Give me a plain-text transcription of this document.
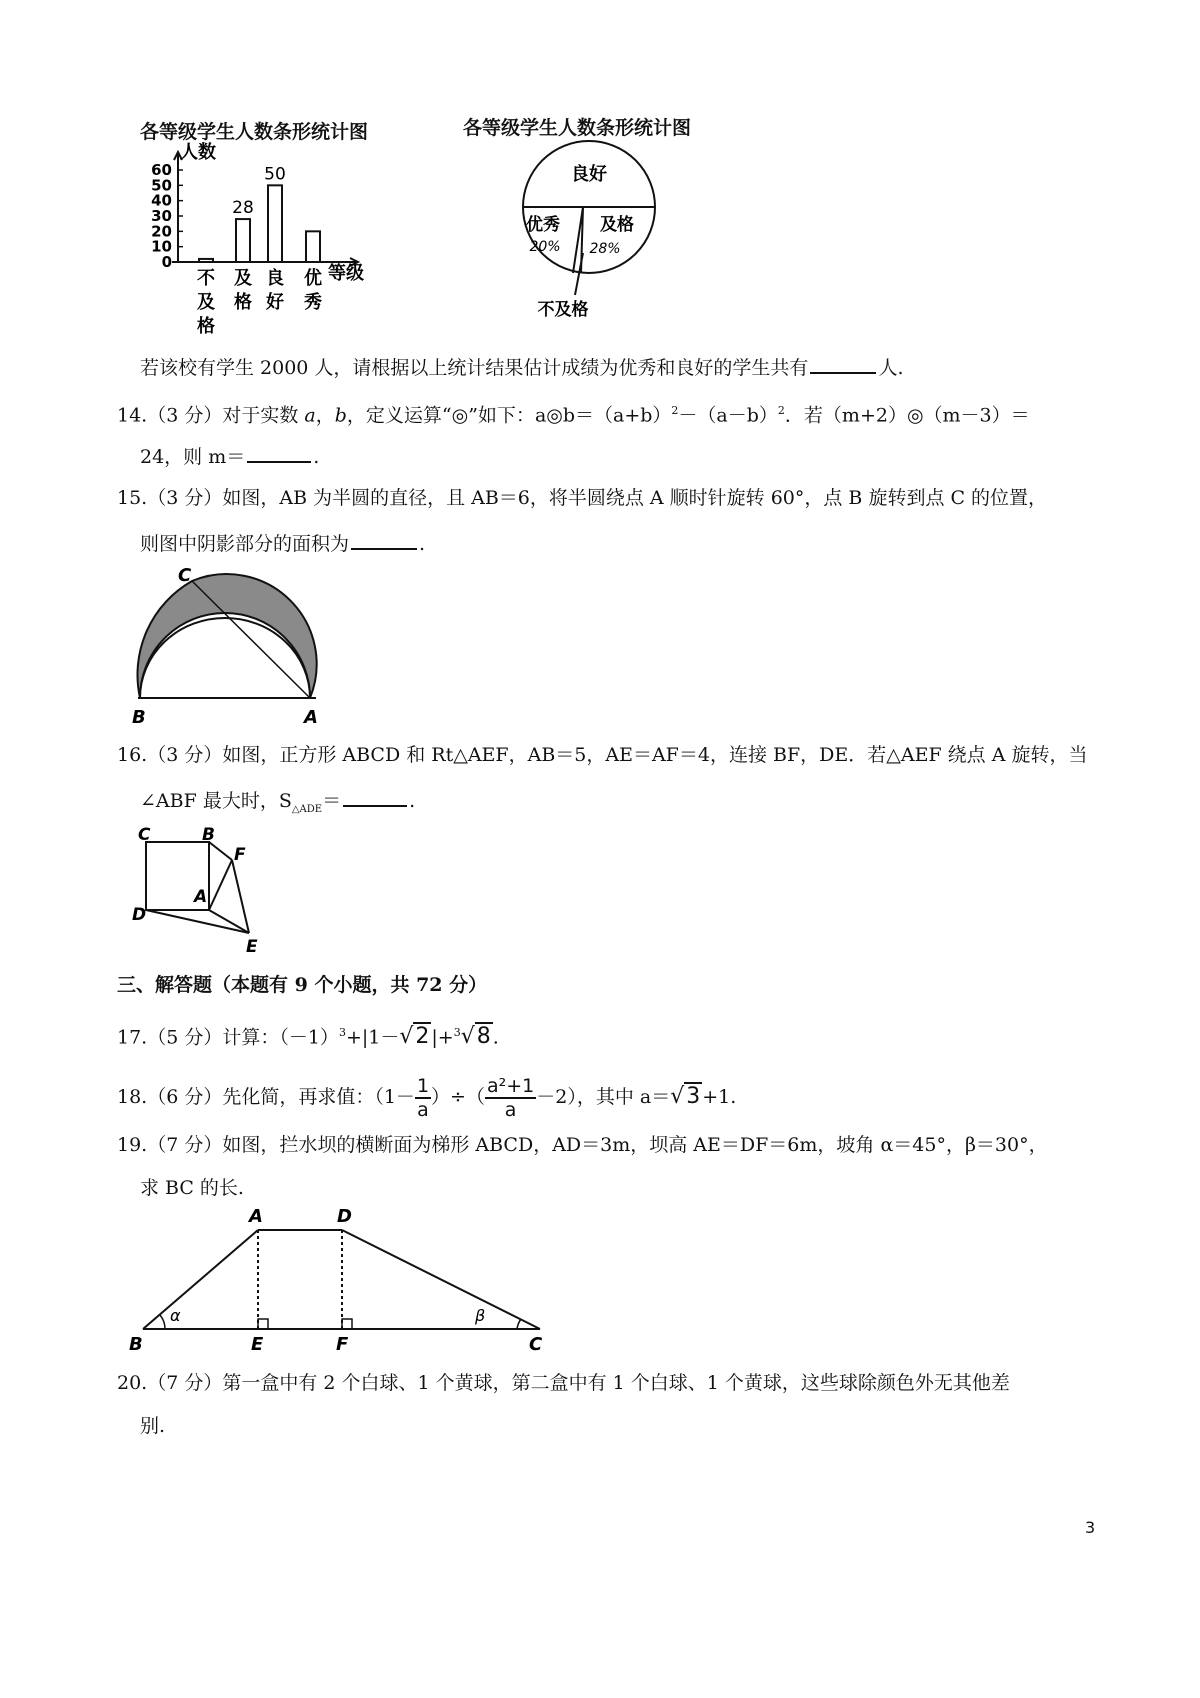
各等级学生人数条形统计图
0
10
20
30
40
50
60
人数
等级
不
及
格
28
及
格
50
良
好
优
秀
各等级学生人数条形统计图
良好
优秀 及格
20% 28%
不及格
若该校有学生 2000 人，请根据以上统计结果估计成绩为优秀和良好的学生共有	人.
14.（3 分）对于实数 a，b，定义运算“◎”如下：$a◎b=(a+b)^2-(a-b)^2$．若（m+2）◎（m－3）＝
24，则 m＝	.
15.（3 分）如图，AB 为半圆的直径，且 AB＝6，将半圆绕点 A 顺时针旋转 60°，点 B 旋转到点 C 的位置，
则图中阴影部分的面积为	.
C
B	A
16.（3 分）如图，正方形 ABCD 和 Rt△AEF，AB＝5，AE＝AF＝4，连接 BF，DE．若△AEF 绕点 A 旋转，当
∠ABF 最大时，$S_{\triangle ADE}=$	.
C	B
F
A
D
E
三、解答题（本题有 9 个小题，共 72 分）
17.（5 分）计算：$(-1)^3+|1-√2$ |+$^3$√8 .
18.（6 分）先化简，再求值：（$1- \frac{1}{a}$ ）÷（ $\frac{\text{a²+1}}{a} -2$），其中 a＝√3 +1.
19.（7 分）如图，拦水坝的横断面为梯形 ABCD，AD＝3m，坝高 AE＝DF＝6m，坡角 α＝45°，β＝30°，
求 BC 的长.
α	β
A	D
B	E	F	C
20.（7 分）第一盒中有 2 个白球、1 个黄球，第二盒中有 1 个白球、1 个黄球，这些球除颜色外无其他差
别.
3
